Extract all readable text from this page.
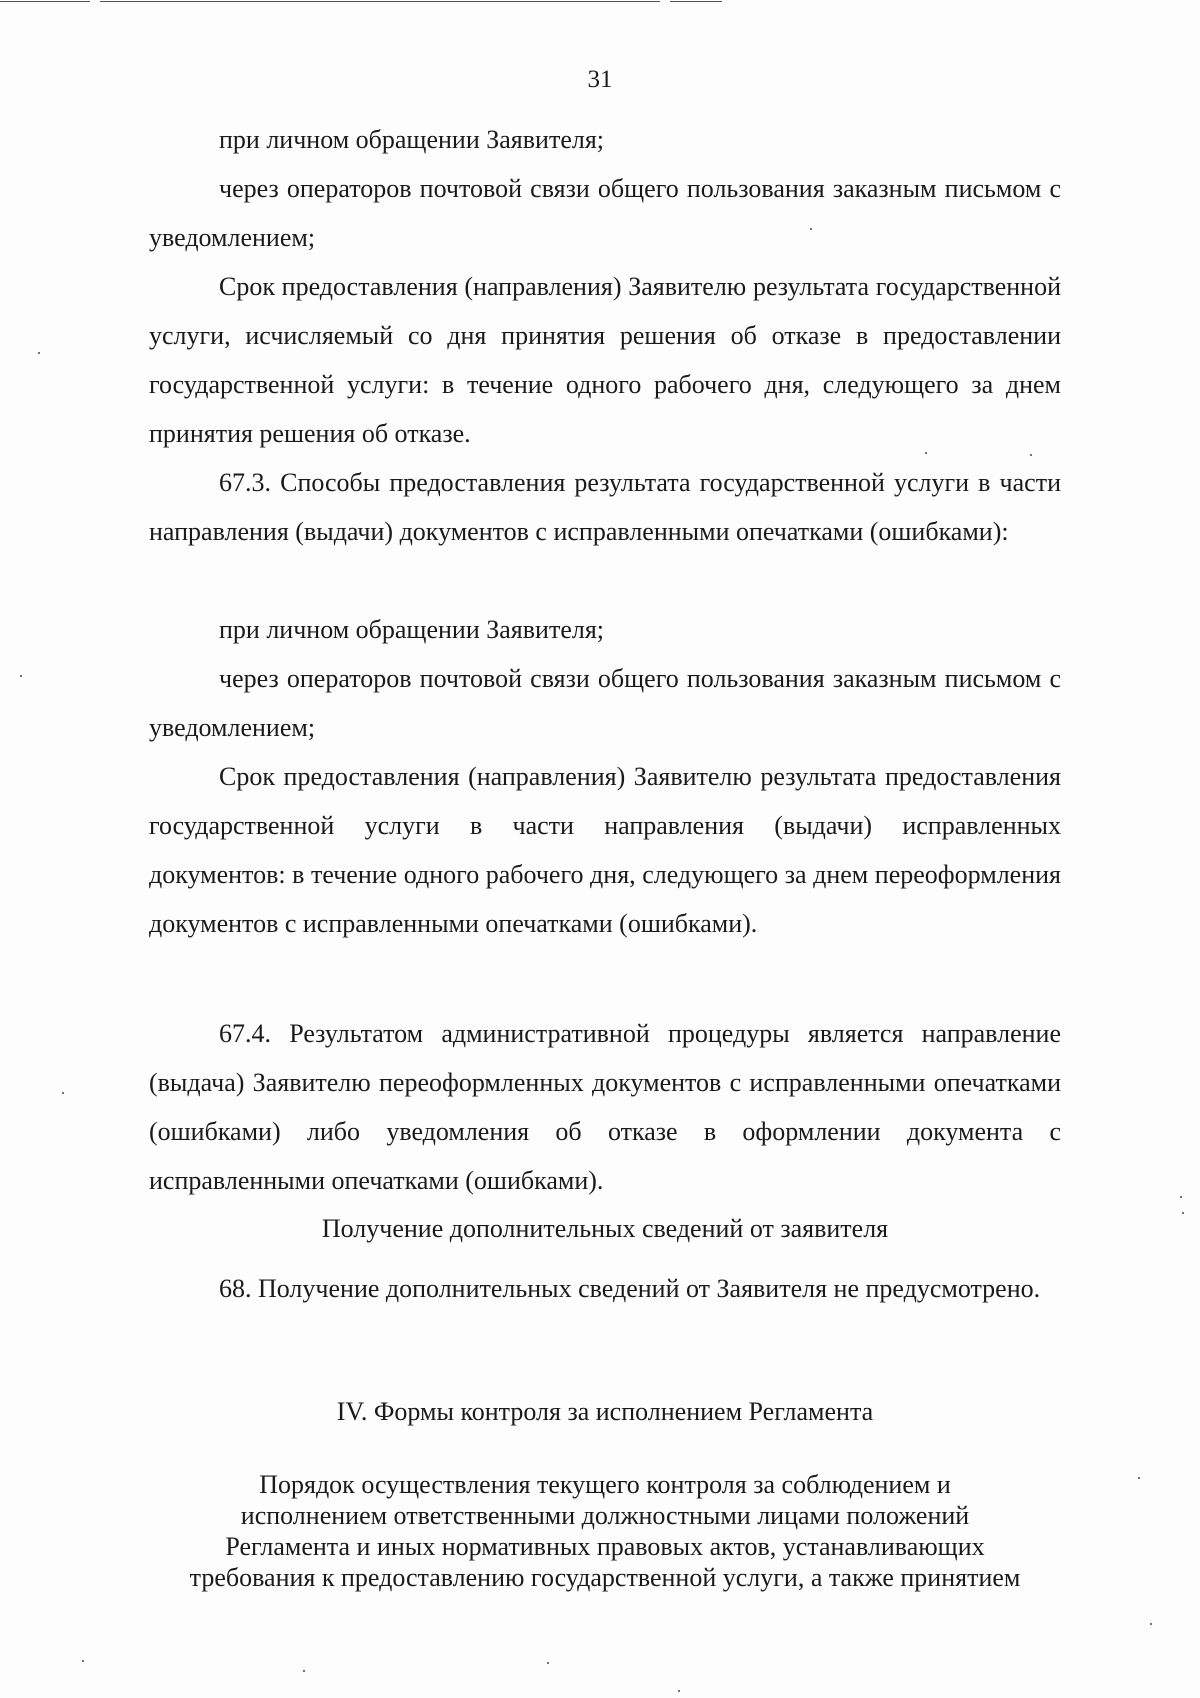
31

при личном обращении Заявителя;

через операторов почтовой связи общего пользования заказным письмом с уведомлением;

Срок предоставления (направления) Заявителю результата государственной услуги, исчисляемый со дня принятия решения об отказе в предоставлении государственной услуги: в течение одного рабочего дня, следующего за днем принятия решения об отказе.

67.3. Способы предоставления результата государственной услуги в части направления (выдачи) документов с исправленными опечатками (ошибками):

при личном обращении Заявителя;

через операторов почтовой связи общего пользования заказным письмом с уведомлением;

Срок предоставления (направления) Заявителю результата предоставления государственной услуги в части направления (выдачи) исправленных документов: в течение одного рабочего дня, следующего за днем переоформления документов с исправленными опечатками (ошибками).

67.4. Результатом административной процедуры является направление (выдача) Заявителю переоформленных документов с исправленными опечатками (ошибками) либо уведомления об отказе в оформлении документа с исправленными опечатками (ошибками).

Получение дополнительных сведений от заявителя

68. Получение дополнительных сведений от Заявителя не предусмотрено.

IV. Формы контроля за исполнением Регламента

Порядок осуществления текущего контроля за соблюдением и
исполнением ответственными должностными лицами положений
Регламента и иных нормативных правовых актов, устанавливающих
требования к предоставлению государственной услуги, а также принятием
